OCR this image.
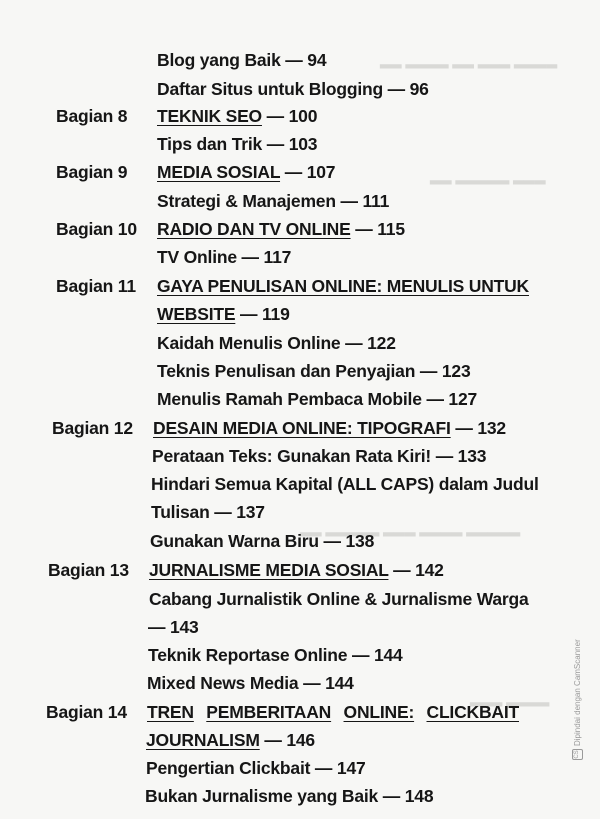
▂▂▂▂ ▂▂▂ ▂▂ ▂▂▂▂ ▂▂
▂▂▂ ▂▂▂▂▂ ▂▂
▂▂▂▂▂ ▂▂▂▂ ▂▂▂ ▂▂▂▂▂ ▂▂
▂▂▂▂ ▂▂▂
Blog yang Baik — 94
Daftar Situs untuk Blogging — 96
Bagian 8 TEKNIK SEO — 100
Tips dan Trik — 103
Bagian 9 MEDIA SOSIAL — 107
Strategi & Manajemen — 111
Bagian 10 RADIO DAN TV ONLINE — 115
TV Online — 117
Bagian 11 GAYA PENULISAN ONLINE: MENULIS UNTUK
WEBSITE — 119
Kaidah Menulis Online — 122
Teknis Penulisan dan Penyajian — 123
Menulis Ramah Pembaca Mobile — 127
Bagian 12 DESAIN MEDIA ONLINE: TIPOGRAFI — 132
Perataan Teks: Gunakan Rata Kiri! — 133
Hindari Semua Kapital (ALL CAPS) dalam Judul
Tulisan — 137
Gunakan Warna Biru — 138
Bagian 13 JURNALISME MEDIA SOSIAL — 142
Cabang Jurnalistik Online & Jurnalisme Warga
— 143
Teknik Reportase Online — 144
Mixed News Media — 144
Bagian 14 TREN PEMBERITAAN ONLINE: CLICKBAIT
JOURNALISM — 146
Pengertian Clickbait — 147
Bukan Jurnalisme yang Baik — 148
CS
Dipindai dengan CamScanner
